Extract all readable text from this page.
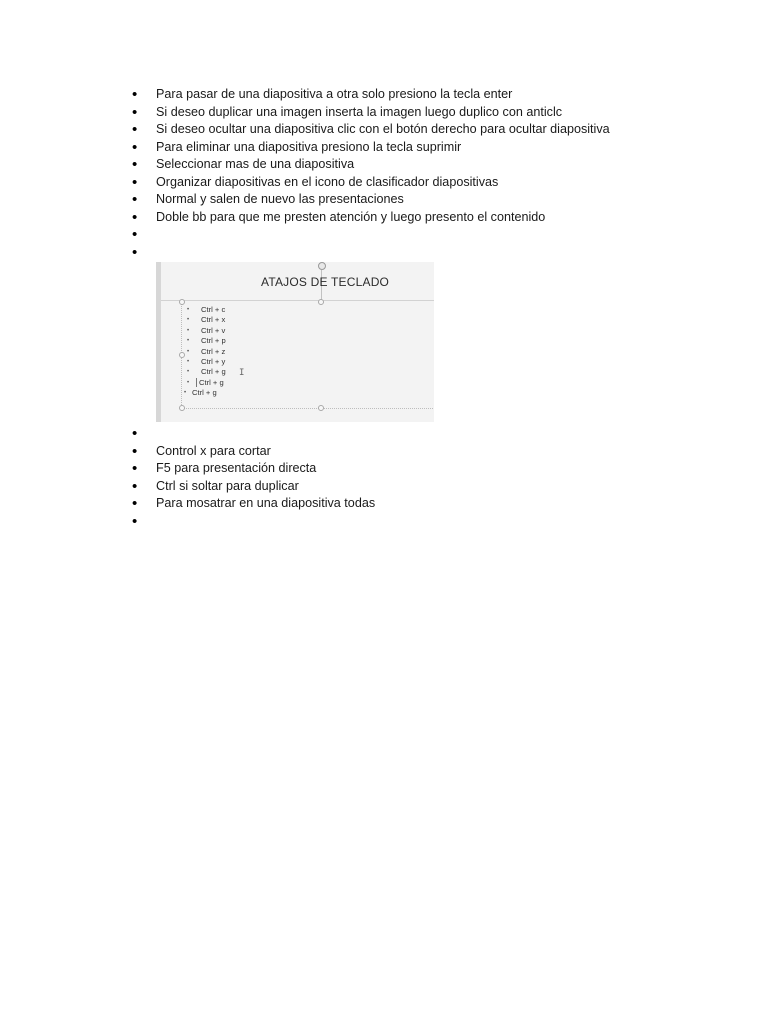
• Para pasar de una diapositiva a otra solo presiono la tecla enter
• Si deseo duplicar una imagen inserta la imagen luego duplico con anticlc
• Si deseo ocultar una diapositiva clic con el botón derecho para ocultar diapositiva
• Para eliminar una diapositiva presiono la tecla suprimir
• Seleccionar mas de una diapositiva
• Organizar diapositivas en el icono de clasificador diapositivas
• Normal y salen de nuevo las presentaciones
• Doble bb para que me presten atención y luego presento el contenido
•
•
ATAJOS DE TECLADO
• Ctrl + c
• Ctrl + x
• Ctrl + v
• Ctrl + p
• Ctrl + z
• Ctrl + y
• Ctrl + g
• Ctrl + g
• Ctrl + g
I
•
• Control x para cortar
• F5 para presentación directa
• Ctrl si soltar para duplicar
• Para mosatrar en una diapositiva todas
•
